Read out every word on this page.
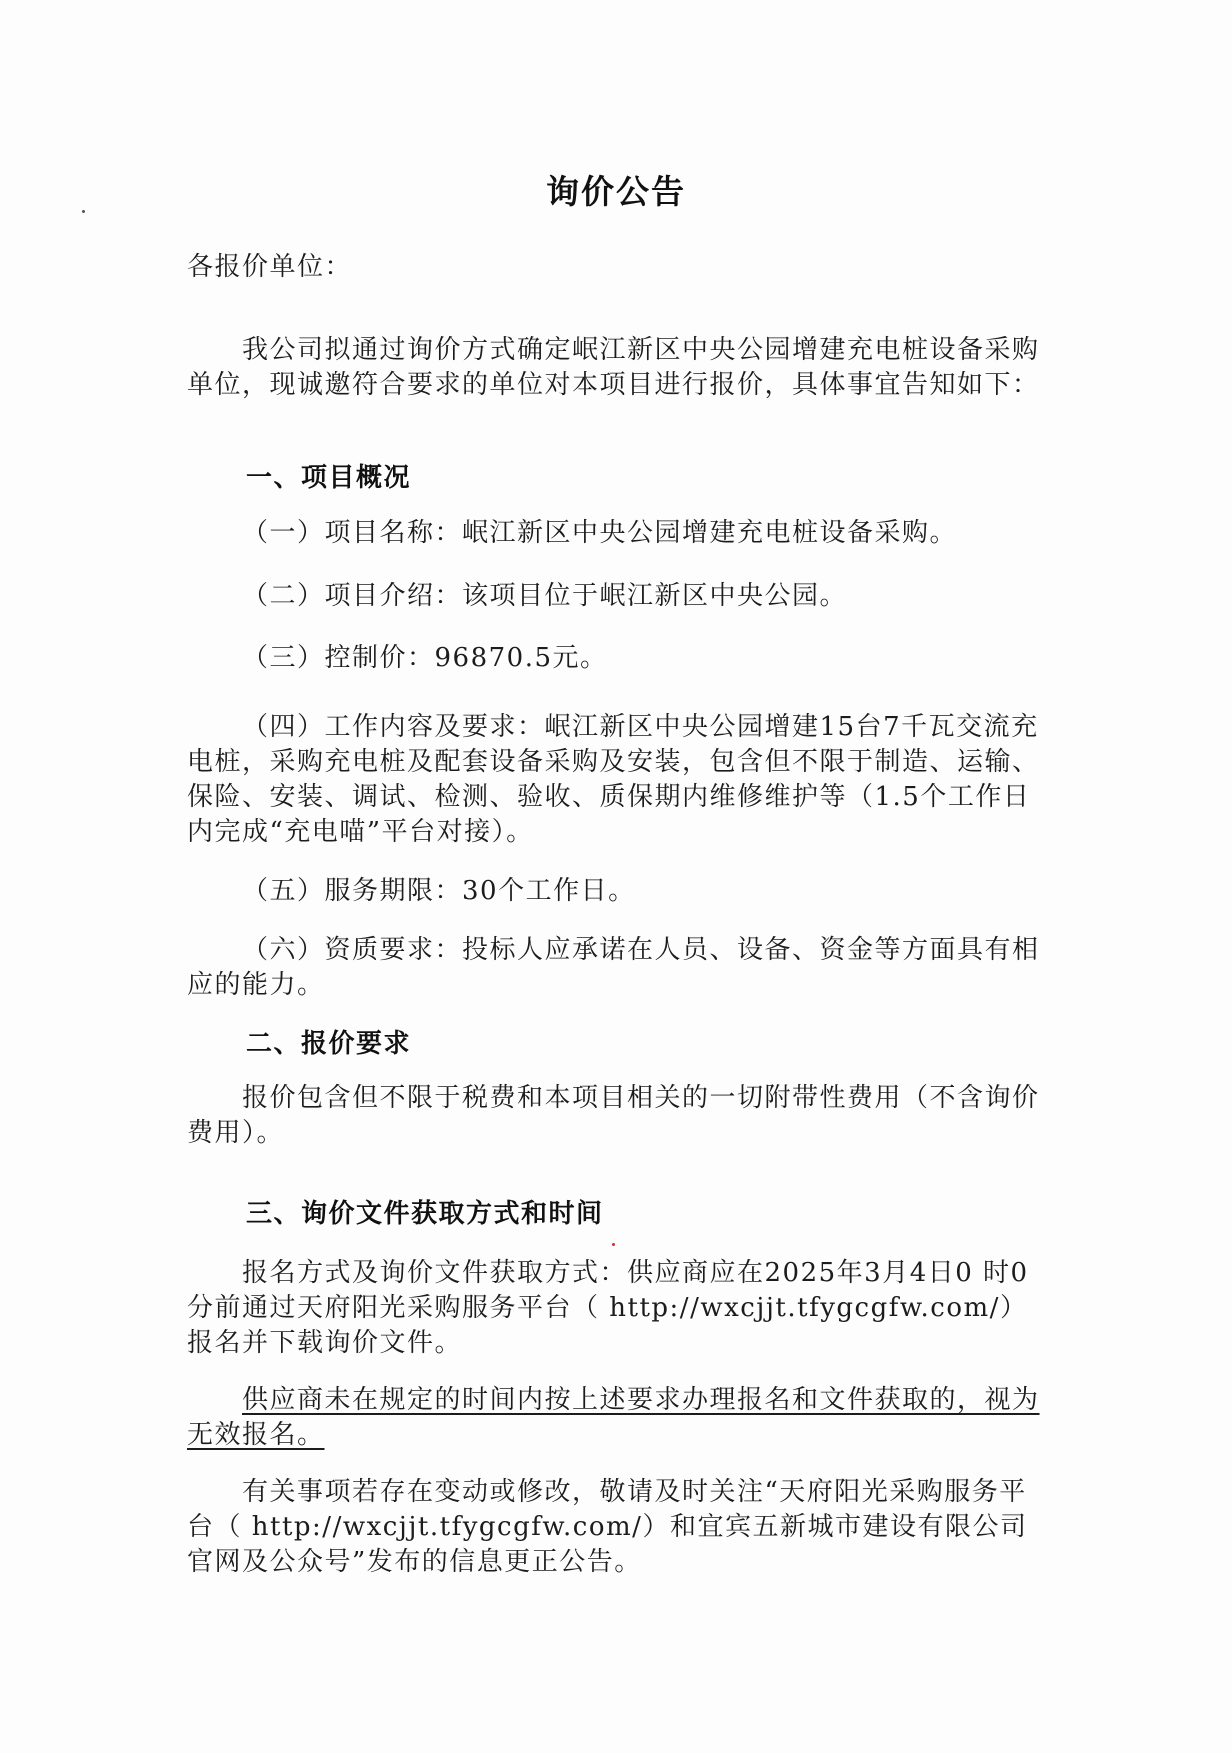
询价公告

各报价单位：

我公司拟通过询价方式确定岷江新区中央公园增建充电桩设备采购单位，现诚邀符合要求的单位对本项目进行报价，具体事宜告知如下：

一、项目概况

（一）项目名称：岷江新区中央公园增建充电桩设备采购。

（二）项目介绍：该项目位于岷江新区中央公园。

（三）控制价：96870.5元。

（四）工作内容及要求：岷江新区中央公园增建15台7千瓦交流充电桩，采购充电桩及配套设备采购及安装，包含但不限于制造、运输、保险、安装、调试、检测、验收、质保期内维修维护等（1.5个工作日内完成“充电喵”平台对接）。

（五）服务期限：30个工作日。

（六）资质要求：投标人应承诺在人员、设备、资金等方面具有相应的能力。

二、报价要求

报价包含但不限于税费和本项目相关的一切附带性费用（不含询价费用）。

三、询价文件获取方式和时间

报名方式及询价文件获取方式：供应商应在2025年3月4日0 时0分前通过天府阳光采购服务平台（ http://wxcjjt.tfygcgfw.com/）报名并下载询价文件。

供应商未在规定的时间内按上述要求办理报名和文件获取的，视为无效报名。

有关事项若存在变动或修改，敬请及时关注“天府阳光采购服务平台（ http://wxcjjt.tfygcgfw.com/）和宜宾五新城市建设有限公司官网及公众号”发布的信息更正公告。
